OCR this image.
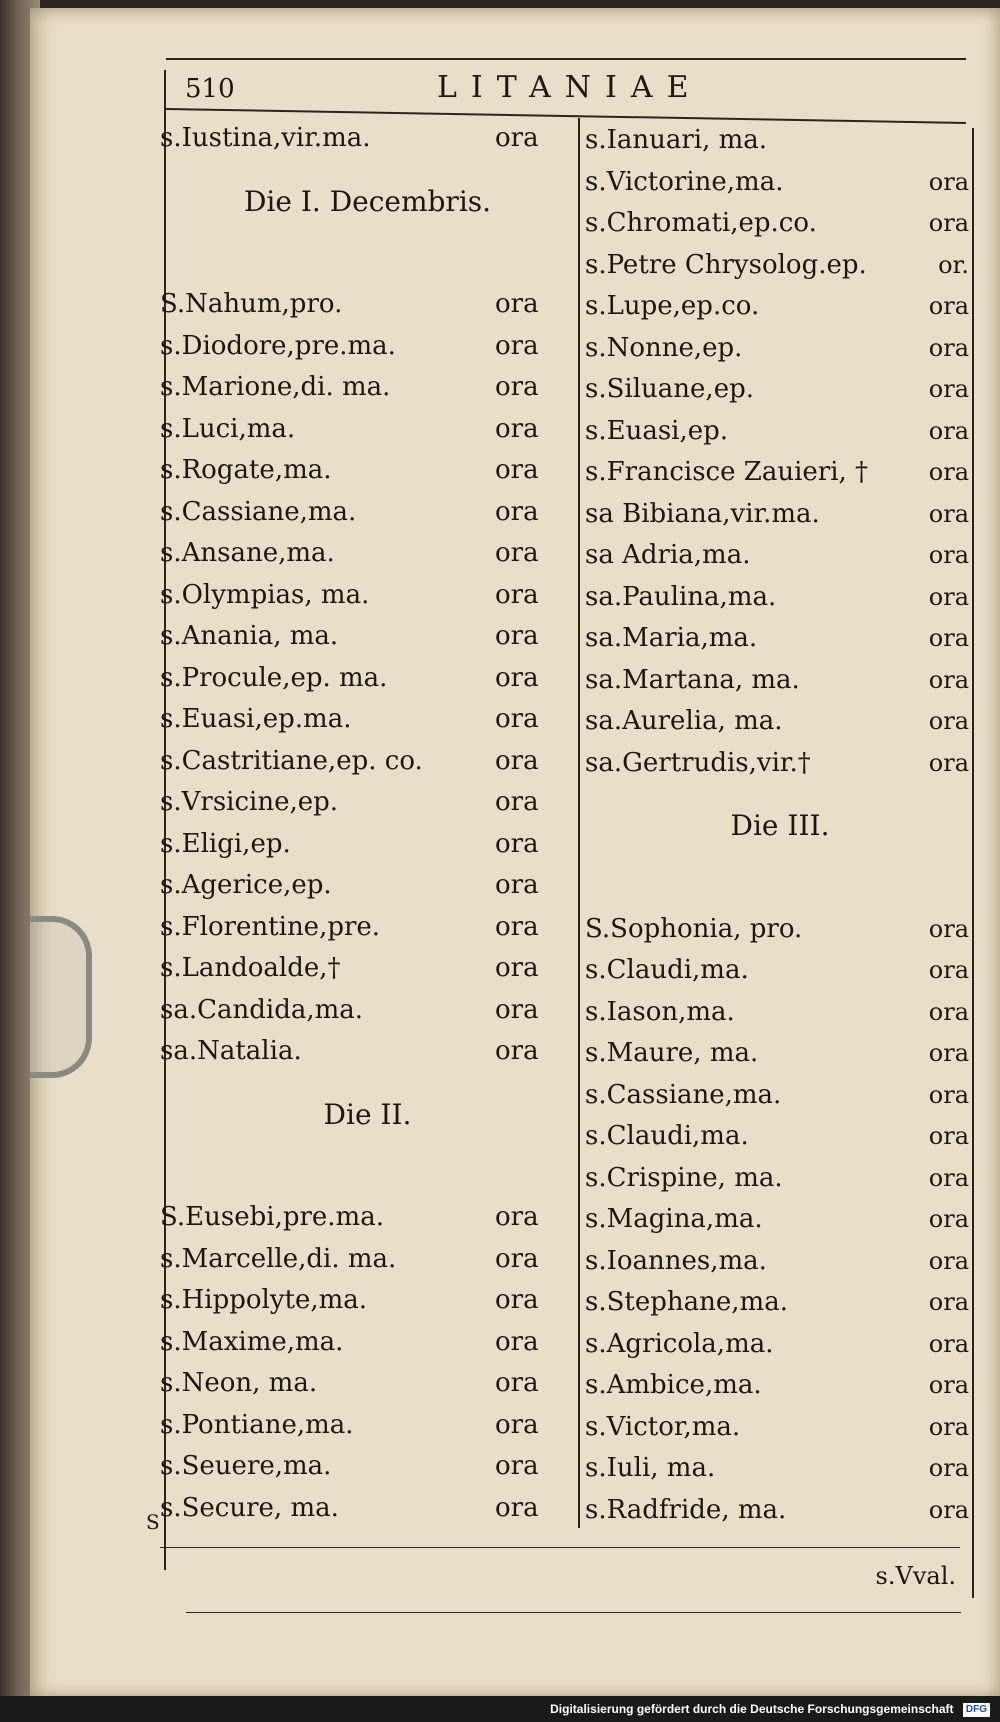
510	LITANIAE
s.Iustina,vir.ma.	ora
Die I. Decembris.
S.Nahum,pro.	ora
s.Diodore,pre.ma.	ora
s.Marione,di. ma.	ora
s.Luci,ma.	ora
s.Rogate,ma.	ora
s.Cassiane,ma.	ora
s.Ansane,ma.	ora
s.Olympias, ma.	ora
s.Anania, ma.	ora
s.Procule,ep. ma.	ora
s.Euasi,ep.ma.	ora
s.Castritiane,ep. co.	ora
s.Vrsicine,ep.	ora
s.Eligi,ep.	ora
s.Agerice,ep.	ora
s.Florentine,pre.	ora
s.Landoalde,†	ora
sa.Candida,ma.	ora
sa.Natalia.	ora
Die II.
S.Eusebi,pre.ma.	ora
s.Marcelle,di. ma.	ora
s.Hippolyte,ma.	ora
s.Maxime,ma.	ora
s.Neon, ma.	ora
s.Pontiane,ma.	ora
s.Seuere,ma.	ora
s.Secure, ma.	ora
s.Ianuari, ma.
s.Victorine,ma.	ora
s.Chromati,ep.co.	ora
s.Petre Chrysolog.ep.	or.
s.Lupe,ep.co.	ora
s.Nonne,ep.	ora
s.Siluane,ep.	ora
s.Euasi,ep.	ora
s.Francisce Zauieri, †	ora
sa Bibiana,vir.ma.	ora
sa Adria,ma.	ora
sa.Paulina,ma.	ora
sa.Maria,ma.	ora
sa.Martana, ma.	ora
sa.Aurelia, ma.	ora
sa.Gertrudis,vir.†	ora
Die III.
S.Sophonia, pro.	ora
s.Claudi,ma.	ora
s.Iason,ma.	ora
s.Maure, ma.	ora
s.Cassiane,ma.	ora
s.Claudi,ma.	ora
s.Crispine, ma.	ora
s.Magina,ma.	ora
s.Ioannes,ma.	ora
s.Stephane,ma.	ora
s.Agricola,ma.	ora
s.Ambice,ma.	ora
s.Victor,ma.	ora
s.Iuli, ma.	ora
s.Radfride, ma.	ora
S
s.Vval.
Digitalisierung gefördert durch die Deutsche Forschungsgemeinschaft DFG
